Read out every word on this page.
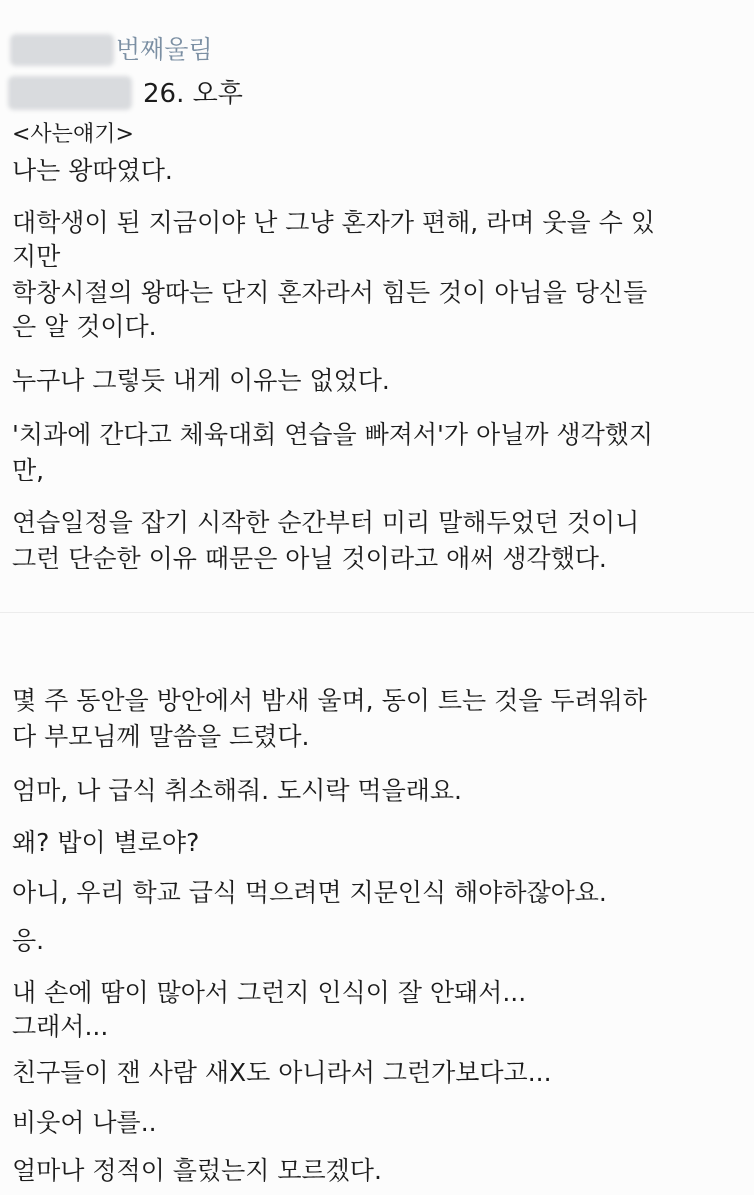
번째울림
26. 오후
<사는얘기>
나는 왕따였다.
대학생이 된 지금이야 난 그냥 혼자가 편해, 라며 웃을 수 있
지만
학창시절의 왕따는 단지 혼자라서 힘든 것이 아님을 당신들
은 알 것이다.
누구나 그렇듯 내게 이유는 없었다.
'치과에 간다고 체육대회 연습을 빠져서'가 아닐까 생각했지
만,
연습일정을 잡기 시작한 순간부터 미리 말해두었던 것이니
그런 단순한 이유 때문은 아닐 것이라고 애써 생각했다.
몇 주 동안을 방안에서 밤새 울며, 동이 트는 것을 두려워하
다 부모님께 말씀을 드렸다.
엄마, 나 급식 취소해줘. 도시락 먹을래요.
왜? 밥이 별로야?
아니, 우리 학교 급식 먹으려면 지문인식 해야하잖아요.
응.
내 손에 땀이 많아서 그런지 인식이 잘 안돼서...
그래서...
친구들이 잰 사람 새X도 아니라서 그런가보다고...
비웃어 나를..
얼마나 정적이 흘렀는지 모르겠다.
